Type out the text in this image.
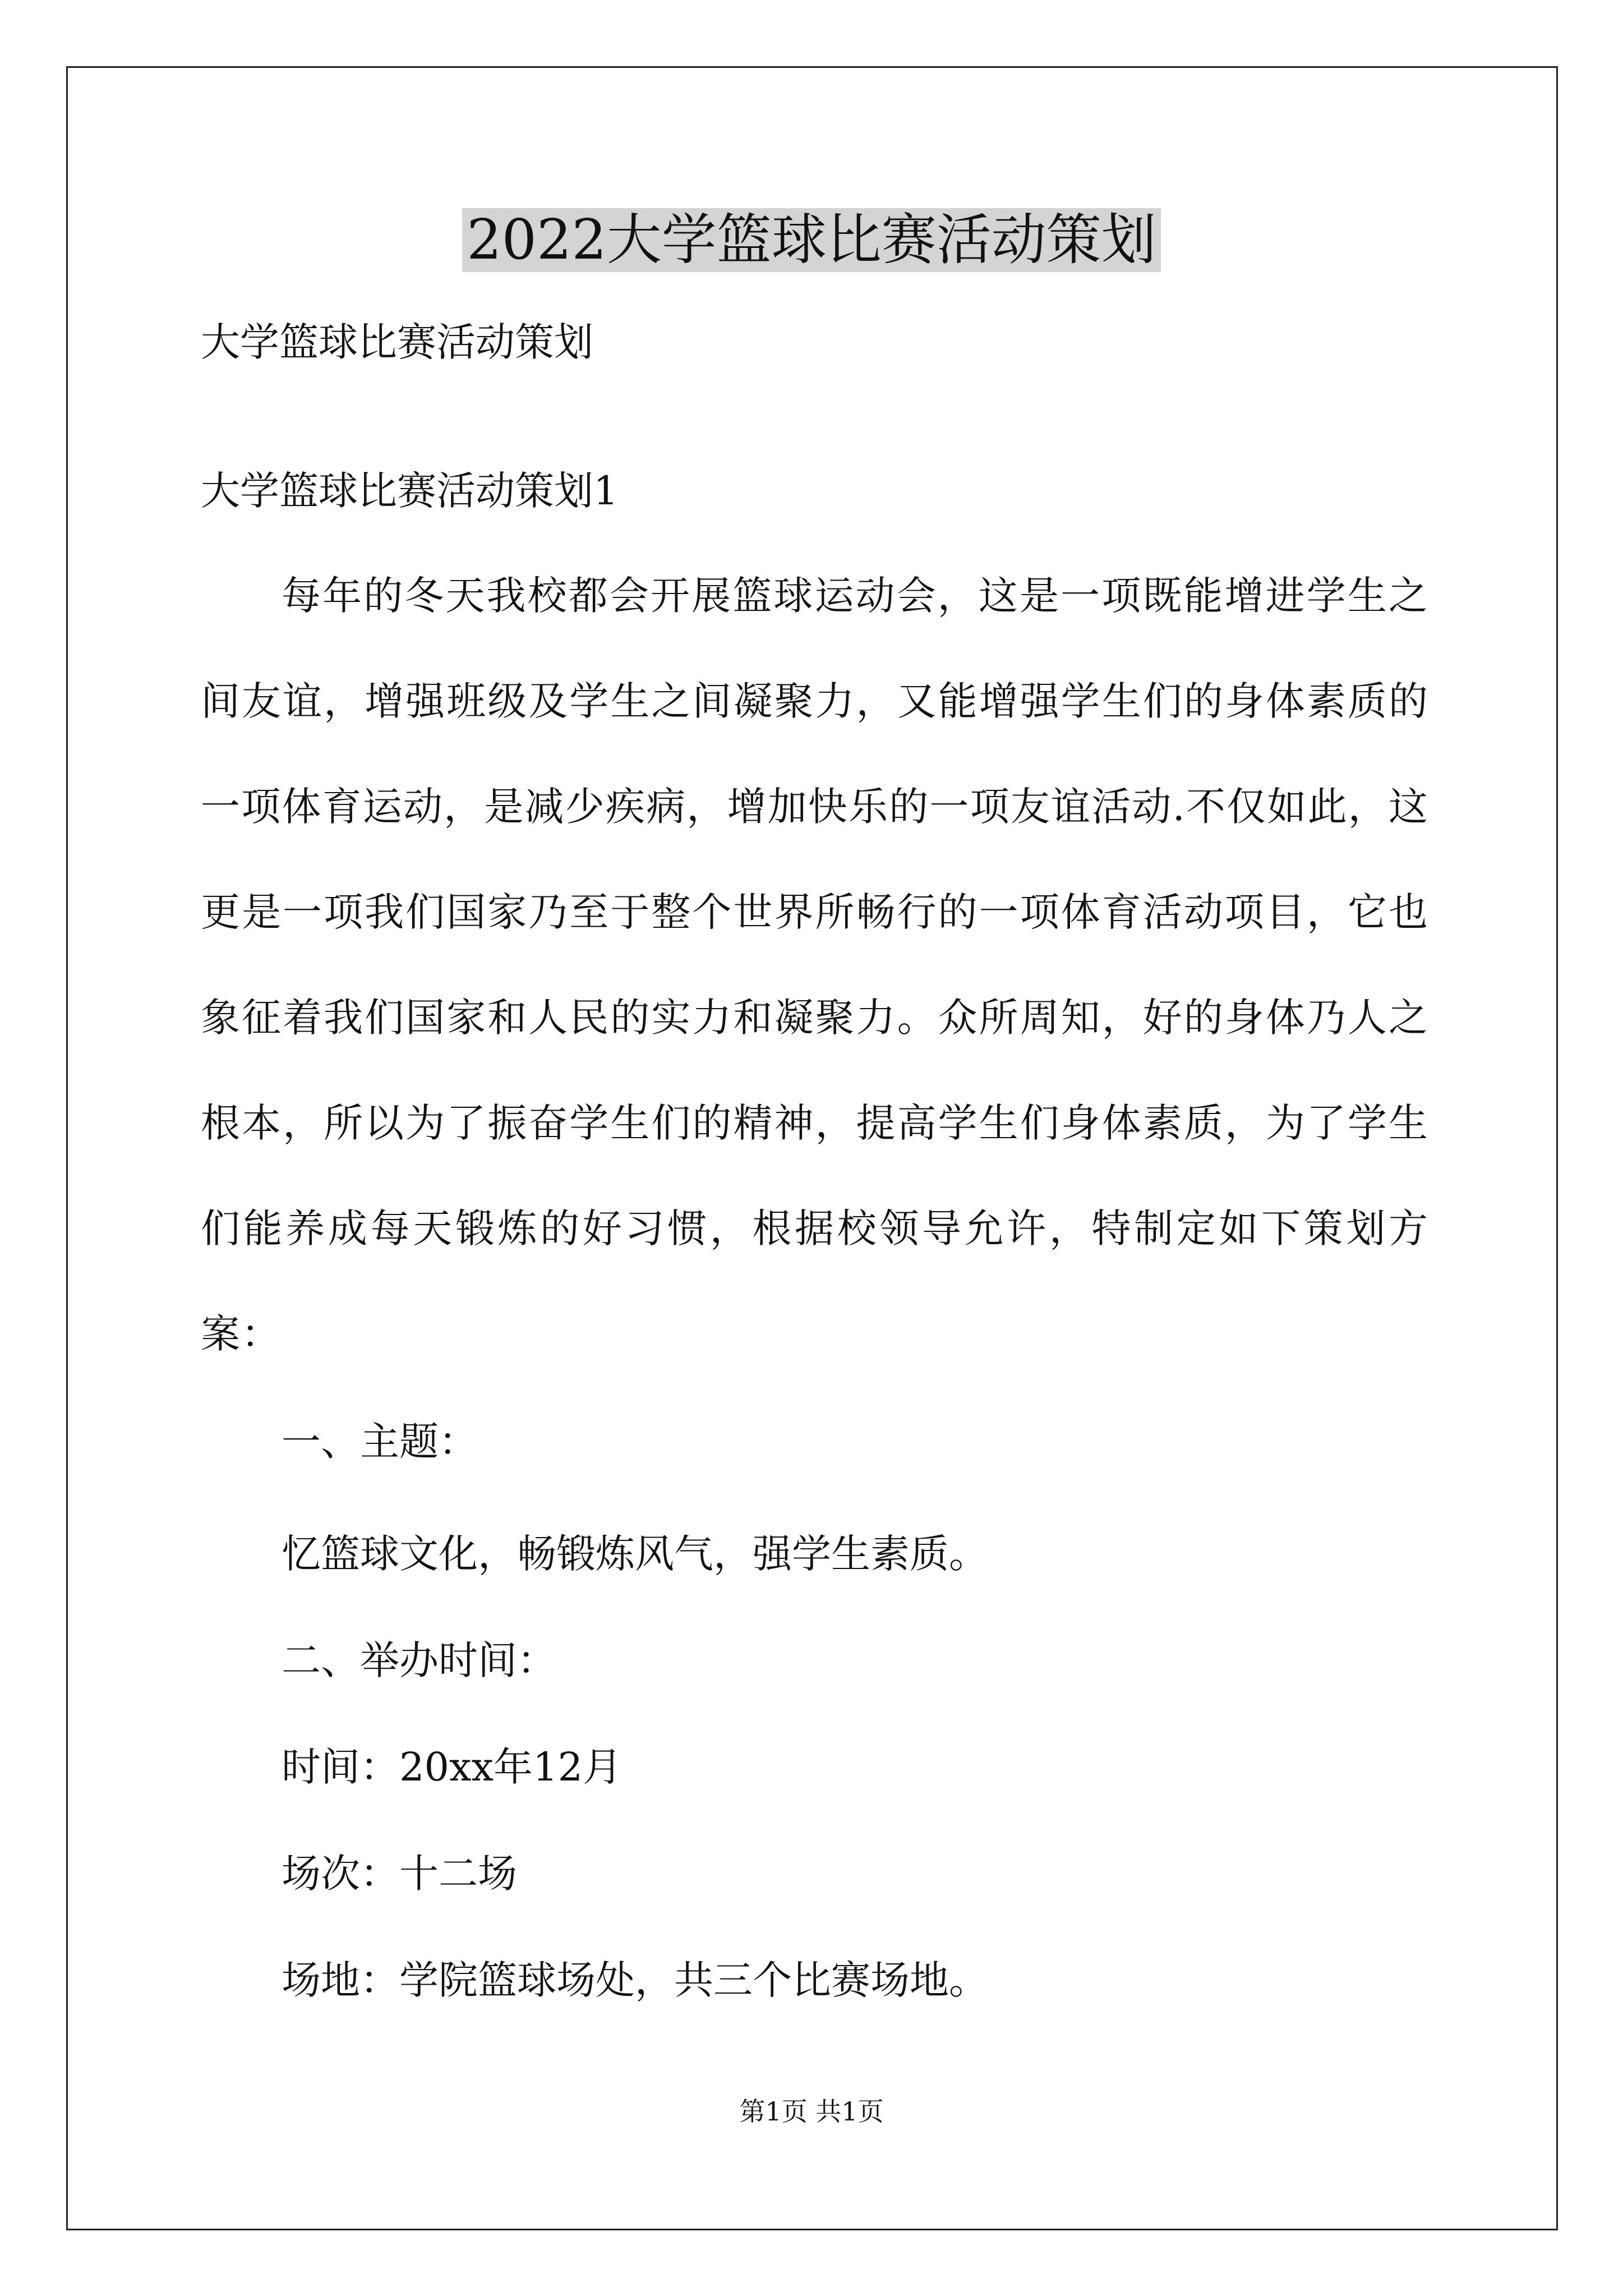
2022大学篮球比赛活动策划

大学篮球比赛活动策划

大学篮球比赛活动策划1

每年的冬天我校都会开展篮球运动会，这是一项既能增进学生之间友谊，增强班级及学生之间凝聚力，又能增强学生们的身体素质的一项体育运动，是减少疾病，增加快乐的一项友谊活动.不仅如此，这更是一项我们国家乃至于整个世界所畅行的一项体育活动项目，它也象征着我们国家和人民的实力和凝聚力。众所周知，好的身体乃人之根本，所以为了振奋学生们的精神，提高学生们身体素质，为了学生们能养成每天锻炼的好习惯，根据校领导允许，特制定如下策划方案：

一、主题：

忆篮球文化，畅锻炼风气，强学生素质。

二、举办时间：

时间：20xx年12月

场次：十二场

场地：学院篮球场处，共三个比赛场地。

第1页 共1页
